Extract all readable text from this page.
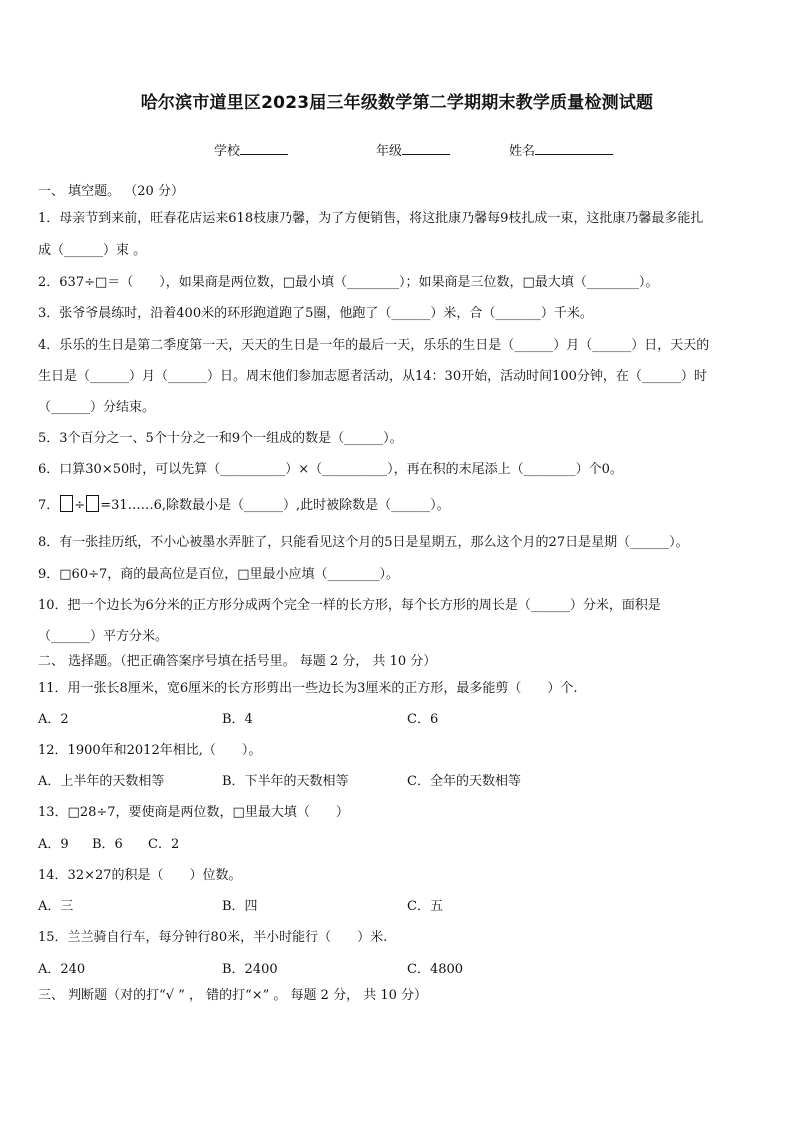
哈尔滨市道里区2023届三年级数学第二学期期末教学质量检测试题
学校	年级	姓名
一、 填空题。 （20 分）
1．母亲节到来前，旺春花店运来618枝康乃馨，为了方便销售，将这批康乃馨每9枝扎成一束，这批康乃馨最多能扎
成（______）束 。
2．637÷□＝（　　），如果商是两位数，□最小填（________）；如果商是三位数，□最大填（________）。
3．张爷爷晨练时，沿着400米的环形跑道跑了5圈，他跑了（______）米，合（_______）千米。
4．乐乐的生日是第二季度第一天，天天的生日是一年的最后一天，乐乐的生日是（______）月（______）日，天天的
生日是（______）月（______）日。周末他们参加志愿者活动，从14：30开始，活动时间100分钟，在（______）时
（______）分结束。
5．3个百分之一、5个十分之一和9个一组成的数是（______）。
6．口算30×50时，可以先算（__________）×（__________），再在积的末尾添上（________）个0。
7． ÷ =31……6,除数最小是（______）,此时被除数是（______）。
8．有一张挂历纸，不小心被墨水弄脏了，只能看见这个月的5日是星期五，那么这个月的27日是星期（______）。
9．□60÷7，商的最高位是百位，□里最小应填（________）。
10．把一个边长为6分米的正方形分成两个完全一样的长方形，每个长方形的周长是（______）分米，面积是
（______）平方分米。
二、 选择题。（把正确答案序号填在括号里。 每题 2 分， 共 10 分）
11．用一张长8厘米，宽6厘米的长方形剪出一些边长为3厘米的正方形，最多能剪（　　）个.
A．2	B．4	C．6
12．1900年和2012年相比,（　　）。
A．上半年的天数相等	B．下半年的天数相等	C．全年的天数相等
13．□28÷7，要使商是两位数，□里最大填（　　）
A．9 B．6 C．2
14．32×27的积是（　　）位数。
A．三	B．四	C．五
15．兰兰骑自行车，每分钟行80米，半小时能行（　　）米.
A．240	B．2400	C．4800
三、 判断题（对的打“√ ” ， 错的打“×” 。 每题 2 分， 共 10 分）
